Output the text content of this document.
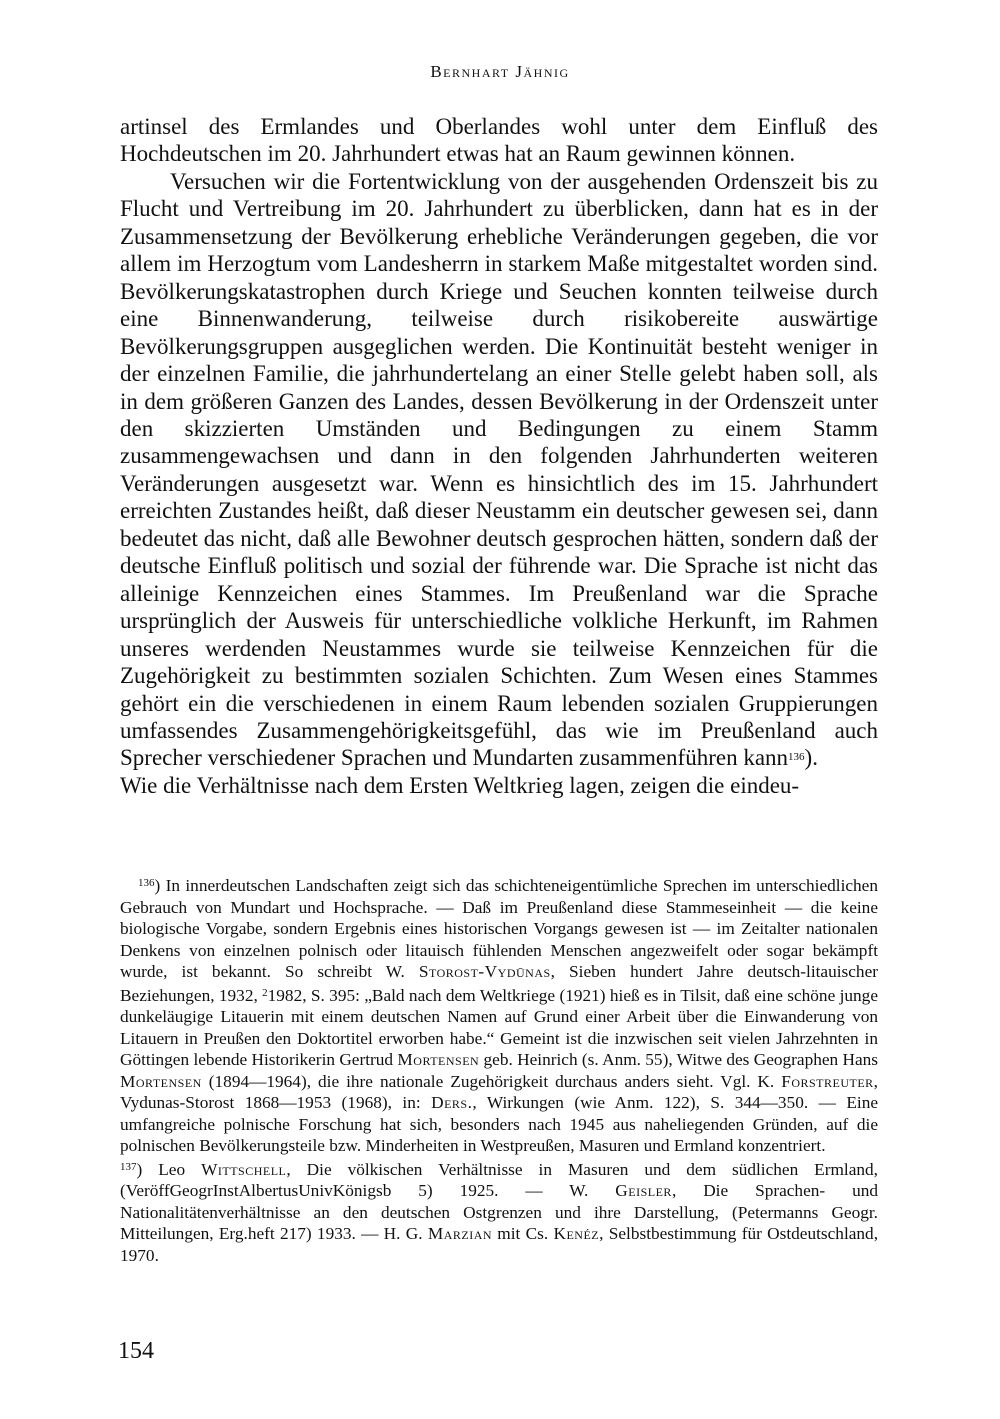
Bernhart Jähnig

artinsel des Ermlandes und Oberlandes wohl unter dem Einfluß des Hochdeutschen im 20. Jahrhundert etwas hat an Raum gewinnen können.

Versuchen wir die Fortentwicklung von der ausgehenden Ordenszeit bis zu Flucht und Vertreibung im 20. Jahrhundert zu überblicken, dann hat es in der Zusammensetzung der Bevölkerung erhebliche Veränderungen gegeben, die vor allem im Herzogtum vom Landesherrn in starkem Maße mitgestaltet worden sind. Bevölkerungskatastrophen durch Kriege und Seuchen konnten teilweise durch eine Binnenwanderung, teilweise durch risikobereite auswärtige Bevölkerungsgruppen ausgeglichen werden. Die Kontinuität besteht weniger in der einzelnen Familie, die jahrhundertelang an einer Stelle gelebt haben soll, als in dem größeren Ganzen des Landes, dessen Bevölkerung in der Ordenszeit unter den skizzierten Umständen und Bedingungen zu einem Stamm zusammengewachsen und dann in den folgenden Jahrhunderten weiteren Veränderungen ausgesetzt war. Wenn es hinsichtlich des im 15. Jahrhundert erreichten Zustandes heißt, daß dieser Neustamm ein deutscher gewesen sei, dann bedeutet das nicht, daß alle Bewohner deutsch gesprochen hätten, sondern daß der deutsche Einfluß politisch und sozial der führende war. Die Sprache ist nicht das alleinige Kennzeichen eines Stammes. Im Preußenland war die Sprache ursprünglich der Ausweis für unterschiedliche volkliche Herkunft, im Rahmen unseres werdenden Neustammes wurde sie teilweise Kennzeichen für die Zugehörigkeit zu bestimmten sozialen Schichten. Zum Wesen eines Stammes gehört ein die verschiedenen in einem Raum lebenden sozialen Gruppierungen umfassendes Zusammengehörigkeitsgefühl, das wie im Preußenland auch Sprecher verschiedener Sprachen und Mundarten zusammenführen kann$^{136}$).

Wie die Verhältnisse nach dem Ersten Weltkrieg lagen, zeigen die eindeu-

$^{136}$) In innerdeutschen Landschaften zeigt sich das schichteneigentümliche Sprechen im unterschiedlichen Gebrauch von Mundart und Hochsprache. — Daß im Preußenland diese Stammeseinheit — die keine biologische Vorgabe, sondern Ergebnis eines historischen Vorgangs gewesen ist — im Zeitalter nationalen Denkens von einzelnen polnisch oder litauisch fühlenden Menschen angezweifelt oder sogar bekämpft wurde, ist bekannt. So schreibt W. Storost-Vydūnas, Sieben hundert Jahre deutsch-litauischer Beziehungen, 1932, $^2$1982, S. 395: „Bald nach dem Weltkriege (1921) hieß es in Tilsit, daß eine schöne junge dunkeläugige Litauerin mit einem deutschen Namen auf Grund einer Arbeit über die Einwanderung von Litauern in Preußen den Doktortitel erworben habe.“ Gemeint ist die inzwischen seit vielen Jahrzehnten in Göttingen lebende Historikerin Gertrud Mortensen geb. Heinrich (s. Anm. 55), Witwe des Geographen Hans Mortensen (1894—1964), die ihre nationale Zugehörigkeit durchaus anders sieht. Vgl. K. Forstreuter, Vydunas-Storost 1868—1953 (1968), in: Ders., Wirkungen (wie Anm. 122), S. 344—350. — Eine umfangreiche polnische Forschung hat sich, besonders nach 1945 aus naheliegenden Gründen, auf die polnischen Bevölkerungsteile bzw. Minderheiten in Westpreußen, Masuren und Ermland konzentriert.

$^{137}$) Leo Wittschell, Die völkischen Verhältnisse in Masuren und dem südlichen Ermland, (VeröffGeogrInstAlbertusUnivKönigsb 5) 1925. — W. Geisler, Die Sprachen- und Nationalitätenverhältnisse an den deutschen Ostgrenzen und ihre Darstellung, (Petermanns Geogr. Mitteilungen, Erg.heft 217) 1933. — H. G. Marzian mit Cs. Kenéz, Selbstbestimmung für Ostdeutschland, 1970.

154
